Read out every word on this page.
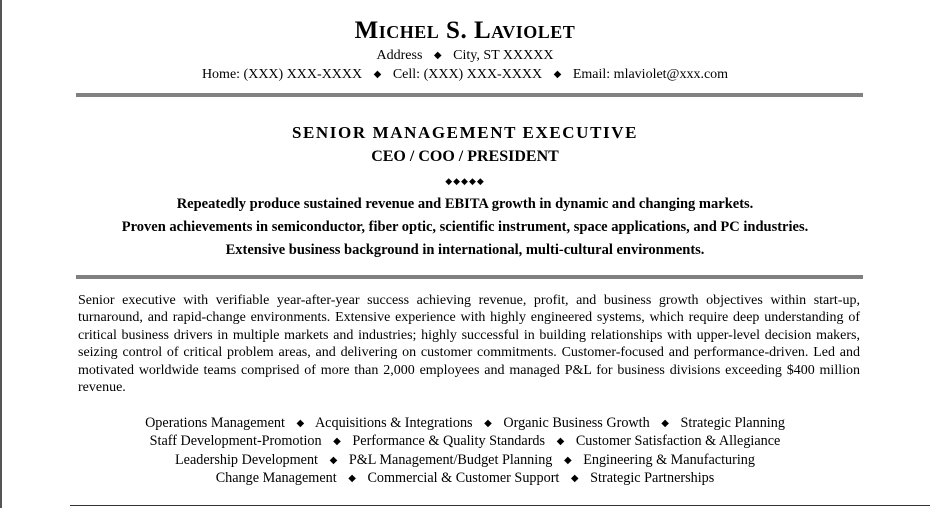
Michel S. Laviolet
Address ◆ City, ST XXXXX
Home: (XXX) XXX-XXXX ◆ Cell: (XXX) XXX-XXXX ◆ Email: mlaviolet@xxx.com
SENIOR MANAGEMENT EXECUTIVE
CEO / COO / PRESIDENT
◆◆◆◆◆
Repeatedly produce sustained revenue and EBITA growth in dynamic and changing markets.
Proven achievements in semiconductor, fiber optic, scientific instrument, space applications, and PC industries.
Extensive business background in international, multi-cultural environments.
Senior executive with verifiable year-after-year success achieving revenue, profit, and business growth objectives within start-up, turnaround, and rapid-change environments. Extensive experience with highly engineered systems, which require deep understanding of critical business drivers in multiple markets and industries; highly successful in building relationships with upper-level decision makers, seizing control of critical problem areas, and delivering on customer commitments. Customer-focused and performance-driven. Led and motivated worldwide teams comprised of more than 2,000 employees and managed P&L for business divisions exceeding $400 million revenue.
Operations Management ◆ Acquisitions & Integrations ◆ Organic Business Growth ◆ Strategic Planning
Staff Development-Promotion ◆ Performance & Quality Standards ◆ Customer Satisfaction & Allegiance
Leadership Development ◆ P&L Management/Budget Planning ◆ Engineering & Manufacturing
Change Management ◆ Commercial & Customer Support ◆ Strategic Partnerships
